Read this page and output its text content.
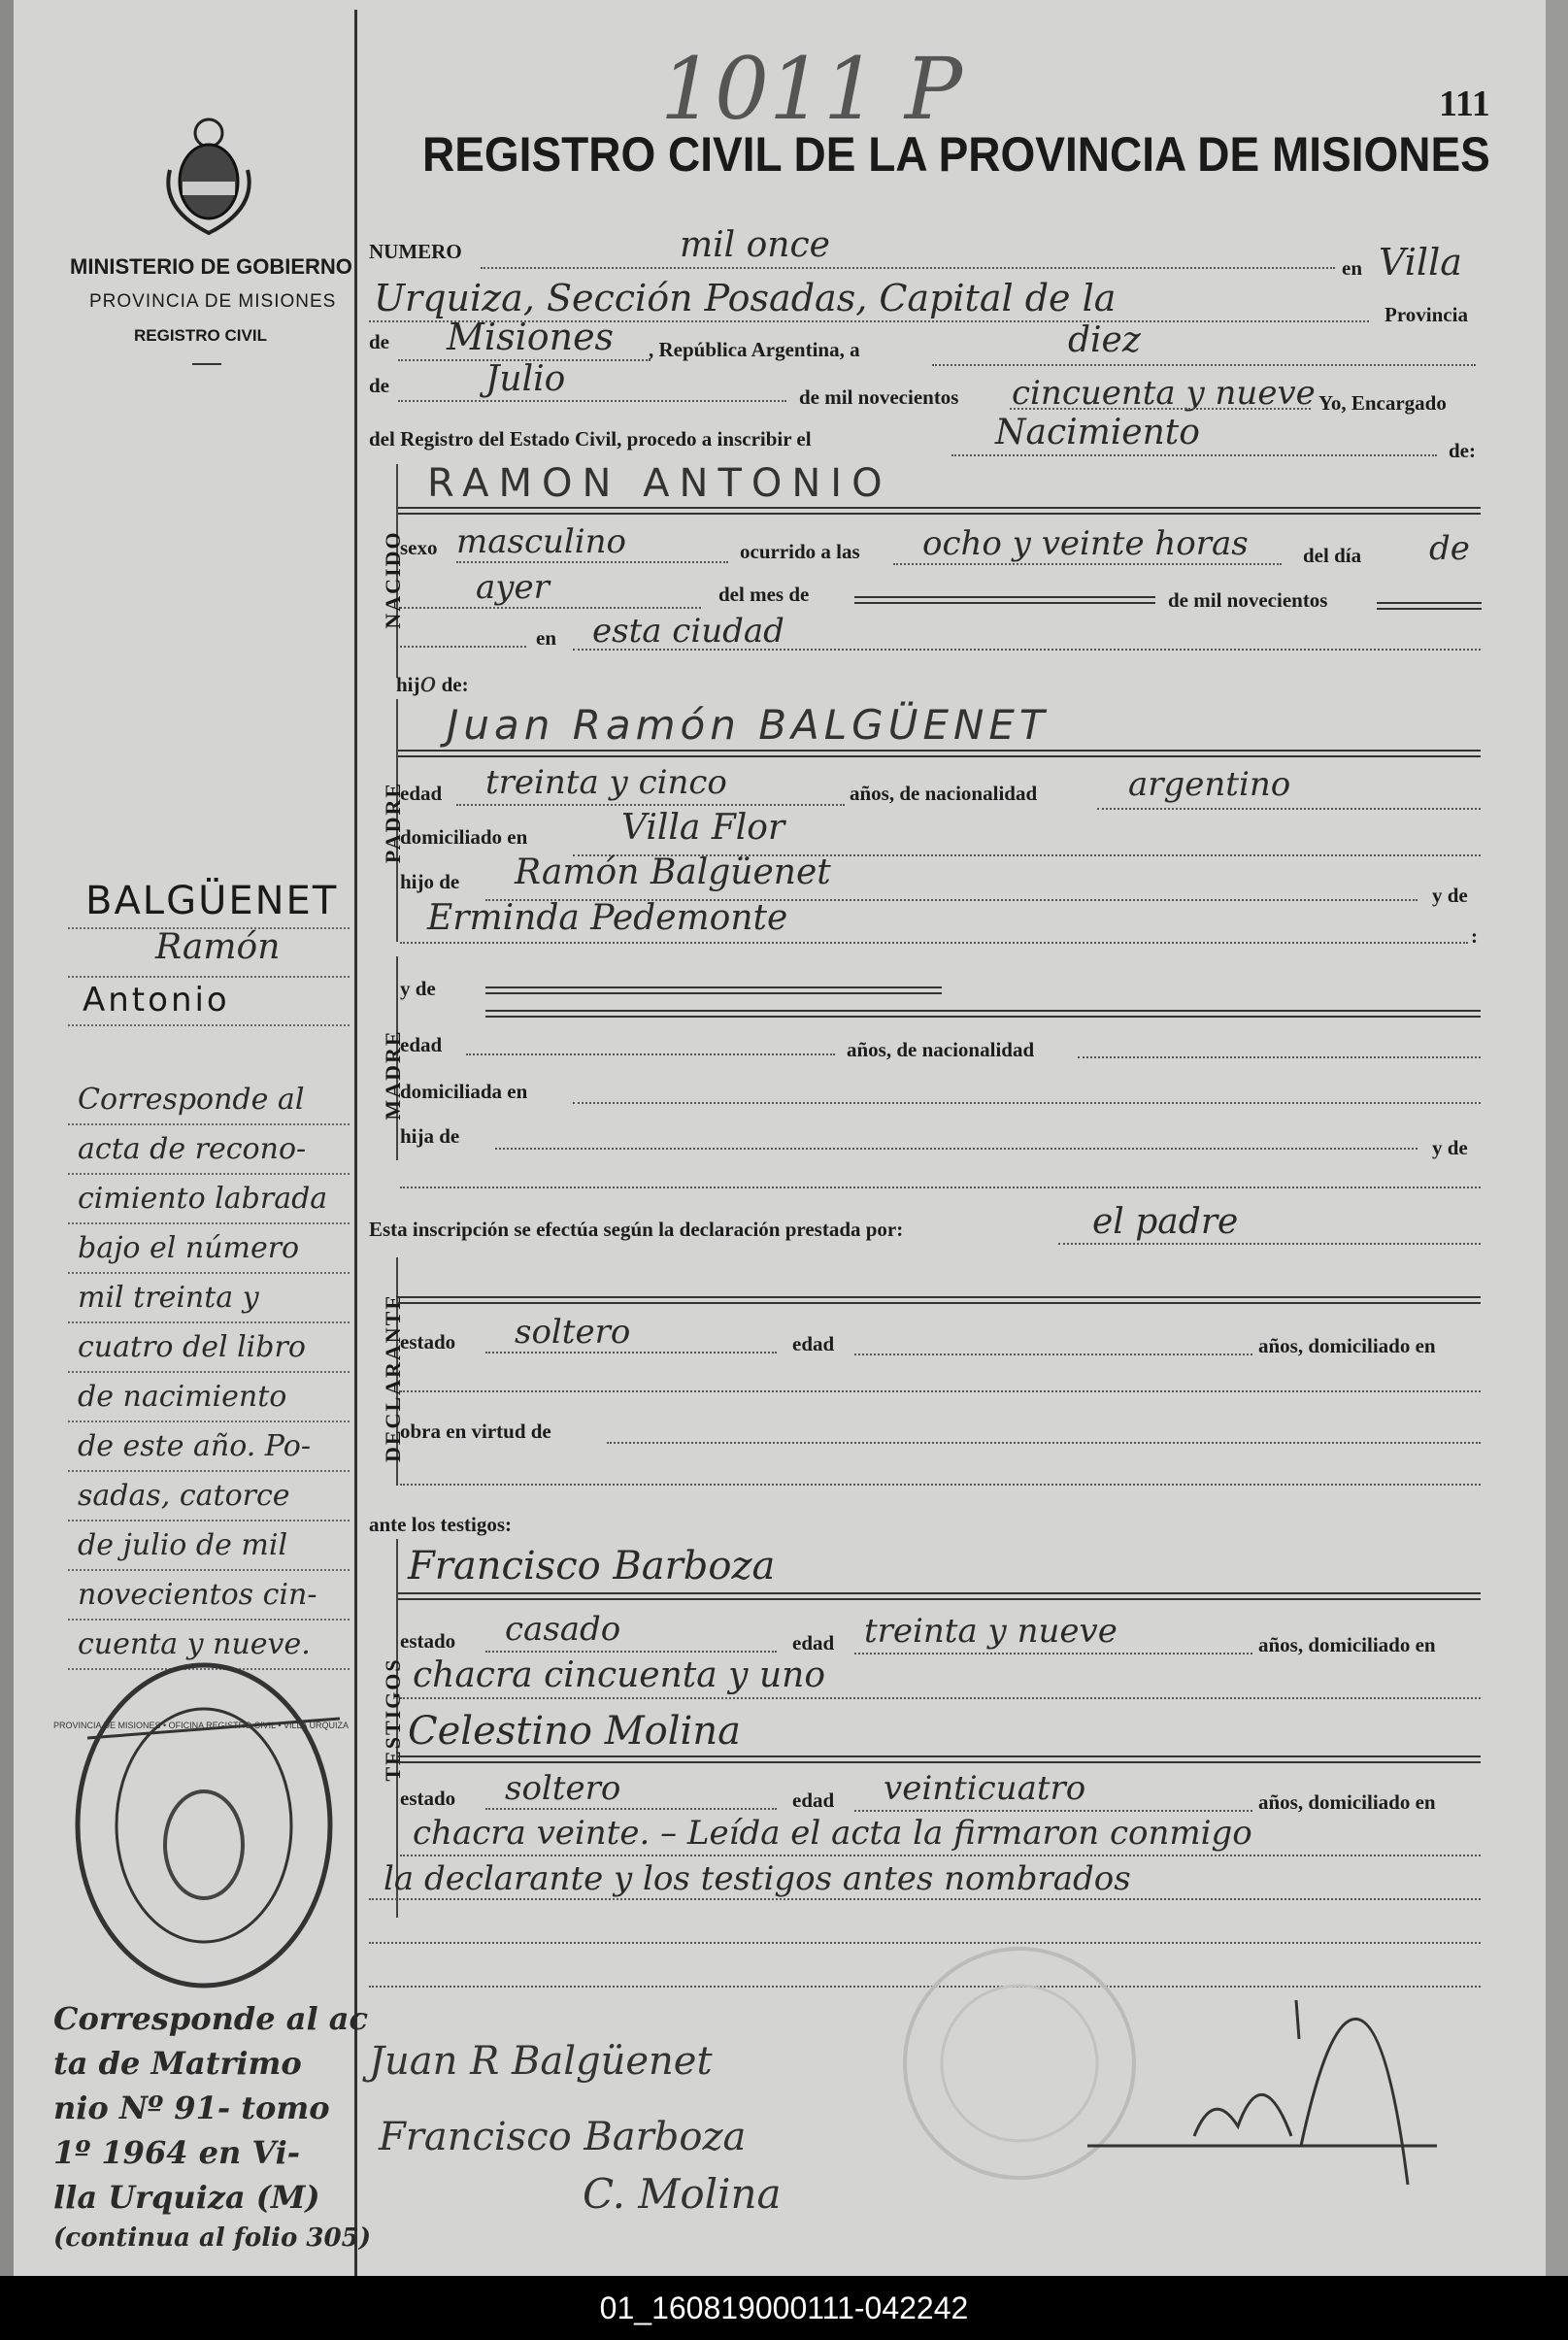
MINISTERIO DE GOBIERNO
PROVINCIA DE MISIONES
REGISTRO CIVIL
1011 P	111
REGISTRO CIVIL DE LA PROVINCIA DE MISIONES
NUMERO	mil once
en Villa
Urquiza, Sección Posadas, Capital de la	Provincia
de Misiones , República Argentina, a	diez
de	Julio	de mil novecientos cincuenta y nueve Yo, Encargado
del Registro del Estado Civil, procedo a inscribir el	Nacimiento	de:
NACIDO
RAMON ANTONIO
sexo masculino	ocurrido a las ocho y veinte horas	del día de
ayer	del mes de	de mil novecientos
en esta ciudad
hijo de:
PADRE
Juan Ramón BALGÜENET
edad treinta y cinco	años, de nacionalidad	argentino
domiciliado en	Villa Flor
hijo de Ramón Balgüenet
y de
Erminda Pedemonte	:
MADRE
y de
edad	años, de nacionalidad
domiciliada en
hija de	y de
Esta inscripción se efectúa según la declaración prestada por:	el padre
DECLARANTE
estado soltero	edad	años, domiciliado en
obra en virtud de
ante los testigos:
TESTIGOS
Francisco Barboza
estado casado	edad treinta y nueve	años, domiciliado en
chacra cincuenta y uno
Celestino Molina
estado soltero	edad veinticuatro	años, domiciliado en
chacra veinte. – Leída el acta la firmaron conmigo
la declarante y los testigos antes nombrados
Juan R Balgüenet
Francisco Barboza
C. Molina
BALGÜENET
Ramón
Antonio
Corresponde al
acta de recono-
cimiento labrada
bajo el número
mil treinta y
cuatro del libro
de nacimiento
de este año. Po-
sadas, catorce
de julio de mil
novecientos cin-
cuenta y nueve.
PROVINCIA DE MISIONES • OFICINA REGISTRO CIVIL • VILLA URQUIZA
Corresponde al ac
ta de Matrimo
nio Nº 91- tomo
1º 1964 en Vi-
lla Urquiza (M)
(continua al folio 305)
01_160819000111-042242
